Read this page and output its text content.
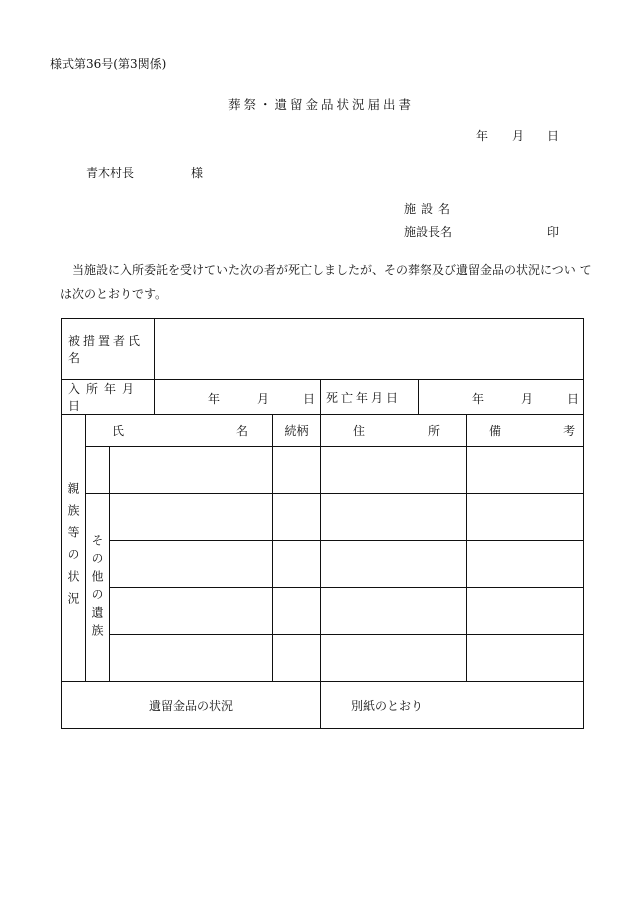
様式第36号(第3関係)
葬祭・遺留金品状況届出書
年 月 日
青木村長	様
施設名
施設長名	印
当施設に入所委託を受けていた次の者が死亡しましたが、その葬祭及び遺留金品の状況につい て
は次のとおりです。
被措置者氏名							
入所年月日			年 月 日		死亡年月日	年 月 日	

親族等の状況	氏 名			続柄	住 所		備 考

	その他の遺族						

遺留金品の状況					別紙のとおり		
